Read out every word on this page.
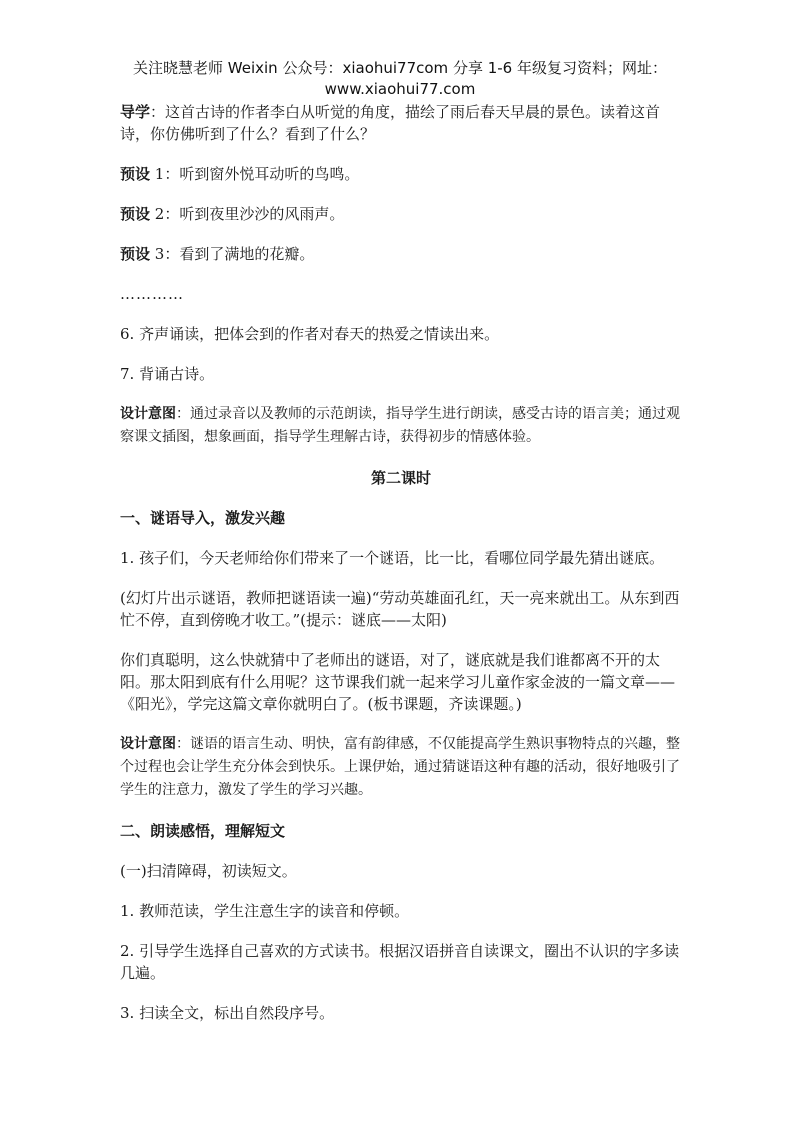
关注晓慧老师 Weixin 公众号：xiaohui77com 分享 1-6 年级复习资料；网址：
www.xiaohui77.com

导学：这首古诗的作者李白从听觉的角度，描绘了雨后春天早晨的景色。读着这首诗，你仿佛听到了什么？看到了什么？

预设 1：听到窗外悦耳动听的鸟鸣。

预设 2：听到夜里沙沙的风雨声。

预设 3：看到了满地的花瓣。

…………

6. 齐声诵读，把体会到的作者对春天的热爱之情读出来。

7. 背诵古诗。

设计意图：通过录音以及教师的示范朗读，指导学生进行朗读，感受古诗的语言美；通过观察课文插图，想象画面，指导学生理解古诗，获得初步的情感体验。

第二课时

一、谜语导入，激发兴趣

1. 孩子们，今天老师给你们带来了一个谜语，比一比，看哪位同学最先猜出谜底。

(幻灯片出示谜语，教师把谜语读一遍)“劳动英雄面孔红，天一亮来就出工。从东到西忙不停，直到傍晚才收工。”(提示：谜底——太阳)

你们真聪明，这么快就猜中了老师出的谜语，对了，谜底就是我们谁都离不开的太阳。那太阳到底有什么用呢？这节课我们就一起来学习儿童作家金波的一篇文章——《阳光》，学完这篇文章你就明白了。(板书课题，齐读课题。)

设计意图：谜语的语言生动、明快，富有韵律感，不仅能提高学生熟识事物特点的兴趣，整个过程也会让学生充分体会到快乐。上课伊始，通过猜谜语这种有趣的活动，很好地吸引了学生的注意力，激发了学生的学习兴趣。

二、朗读感悟，理解短文

(一)扫清障碍，初读短文。

1. 教师范读，学生注意生字的读音和停顿。

2. 引导学生选择自己喜欢的方式读书。根据汉语拼音自读课文，圈出不认识的字多读几遍。

3. 扫读全文，标出自然段序号。
